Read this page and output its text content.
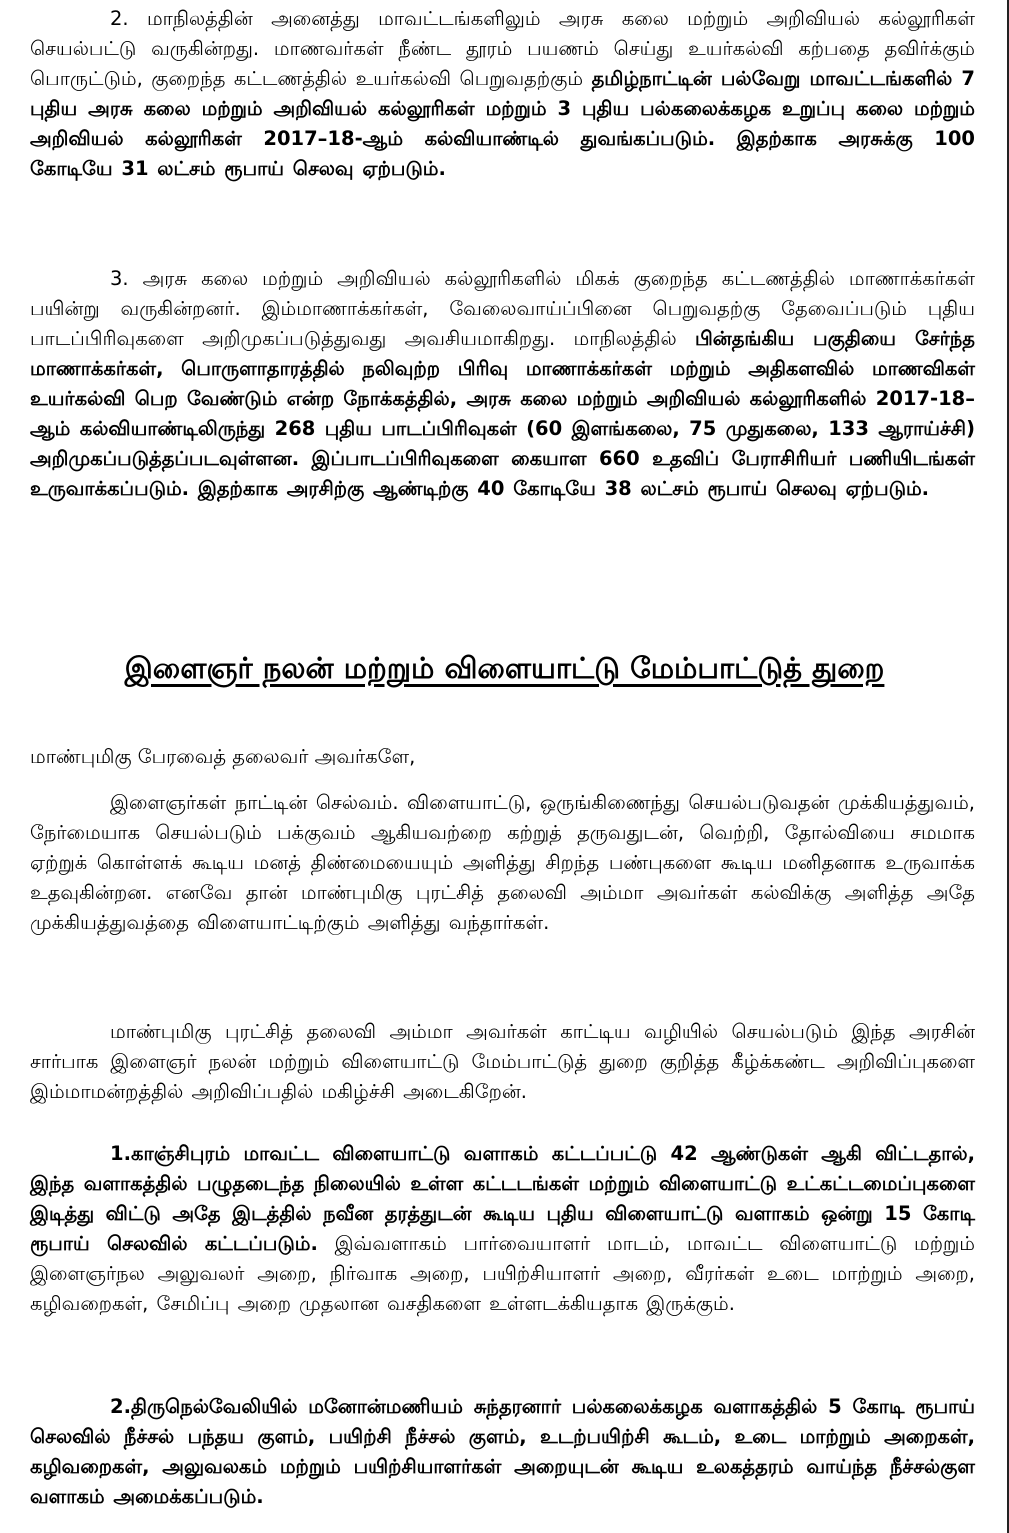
2. மாநிலத்தின் அனைத்து மாவட்டங்களிலும் அரசு கலை மற்றும் அறிவியல் கல்லூரிகள் செயல்பட்டு வருகின்றது. மாணவர்கள் நீண்ட தூரம் பயணம் செய்து உயர்கல்வி கற்பதை தவிர்க்கும் பொருட்டும், குறைந்த கட்டணத்தில் உயர்கல்வி பெறுவதற்கும் தமிழ்நாட்டின் பல்வேறு மாவட்டங்களில் 7 புதிய அரசு கலை மற்றும் அறிவியல் கல்லூரிகள் மற்றும் 3 புதிய பல்கலைக்கழக உறுப்பு கலை மற்றும் அறிவியல் கல்லூரிகள் 2017–18-ஆம் கல்வியாண்டில் துவங்கப்படும். இதற்காக அரசுக்கு 100 கோடியே 31 லட்சம் ரூபாய் செலவு ஏற்படும்.
3. அரசு கலை மற்றும் அறிவியல் கல்லூரிகளில் மிகக் குறைந்த கட்டணத்தில் மாணாக்கர்கள் பயின்று வருகின்றனர். இம்மாணாக்கர்கள், வேலைவாய்ப்பினை பெறுவதற்கு தேவைப்படும் புதிய பாடப்பிரிவுகளை அறிமுகப்படுத்துவது அவசியமாகிறது. மாநிலத்தில் பின்தங்கிய பகுதியை சேர்ந்த மாணாக்கர்கள், பொருளாதாரத்தில் நலிவுற்ற பிரிவு மாணாக்கர்கள் மற்றும் அதிகளவில் மாணவிகள் உயர்கல்வி பெற வேண்டும் என்ற நோக்கத்தில், அரசு கலை மற்றும் அறிவியல் கல்லூரிகளில் 2017-18–ஆம் கல்வியாண்டிலிருந்து 268 புதிய பாடப்பிரிவுகள் (60 இளங்கலை, 75 முதுகலை, 133 ஆராய்ச்சி) அறிமுகப்படுத்தப்படவுள்ளன. இப்பாடப்பிரிவுகளை கையாள 660 உதவிப் பேராசிரியர் பணியிடங்கள் உருவாக்கப்படும். இதற்காக அரசிற்கு ஆண்டிற்கு 40 கோடியே 38 லட்சம் ரூபாய் செலவு ஏற்படும்.
இளைஞர் நலன் மற்றும் விளையாட்டு மேம்பாட்டுத் துறை
மாண்புமிகு பேரவைத் தலைவர் அவர்களே,
இளைஞர்கள் நாட்டின் செல்வம். விளையாட்டு, ஒருங்கிணைந்து செயல்படுவதன் முக்கியத்துவம், நேர்மையாக செயல்படும் பக்குவம் ஆகியவற்றை கற்றுத் தருவதுடன், வெற்றி, தோல்வியை சமமாக ஏற்றுக் கொள்ளக் கூடிய மனத் திண்மையையும் அளித்து சிறந்த பண்புகளை கூடிய மனிதனாக உருவாக்க உதவுகின்றன. எனவே தான் மாண்புமிகு புரட்சித் தலைவி அம்மா அவர்கள் கல்விக்கு அளித்த அதே முக்கியத்துவத்தை விளையாட்டிற்கும் அளித்து வந்தார்கள்.
மாண்புமிகு புரட்சித் தலைவி அம்மா அவர்கள் காட்டிய வழியில் செயல்படும் இந்த அரசின் சார்பாக இளைஞர் நலன் மற்றும் விளையாட்டு மேம்பாட்டுத் துறை குறித்த கீழ்க்கண்ட அறிவிப்புகளை இம்மாமன்றத்தில் அறிவிப்பதில் மகிழ்ச்சி அடைகிறேன்.
1.காஞ்சிபுரம் மாவட்ட விளையாட்டு வளாகம் கட்டப்பட்டு 42 ஆண்டுகள் ஆகி விட்டதால், இந்த வளாகத்தில் பழுதடைந்த நிலையில் உள்ள கட்டடங்கள் மற்றும் விளையாட்டு உட்கட்டமைப்புகளை இடித்து விட்டு அதே இடத்தில் நவீன தரத்துடன் கூடிய புதிய விளையாட்டு வளாகம் ஒன்று 15 கோடி ரூபாய் செலவில் கட்டப்படும். இவ்வளாகம் பார்வையாளர் மாடம், மாவட்ட விளையாட்டு மற்றும் இளைஞர்நல அலுவலர் அறை, நிர்வாக அறை, பயிற்சியாளர் அறை, வீரர்கள் உடை மாற்றும் அறை, கழிவறைகள், சேமிப்பு அறை முதலான வசதிகளை உள்ளடக்கியதாக இருக்கும்.
2.திருநெல்வேலியில் மனோன்மணியம் சுந்தரனார் பல்கலைக்கழக வளாகத்தில் 5 கோடி ரூபாய் செலவில் நீச்சல் பந்தய குளம், பயிற்சி நீச்சல் குளம், உடற்பயிற்சி கூடம், உடை மாற்றும் அறைகள், கழிவறைகள், அலுவலகம் மற்றும் பயிற்சியாளர்கள் அறையுடன் கூடிய உலகத்தரம் வாய்ந்த நீச்சல்குள வளாகம் அமைக்கப்படும்.
